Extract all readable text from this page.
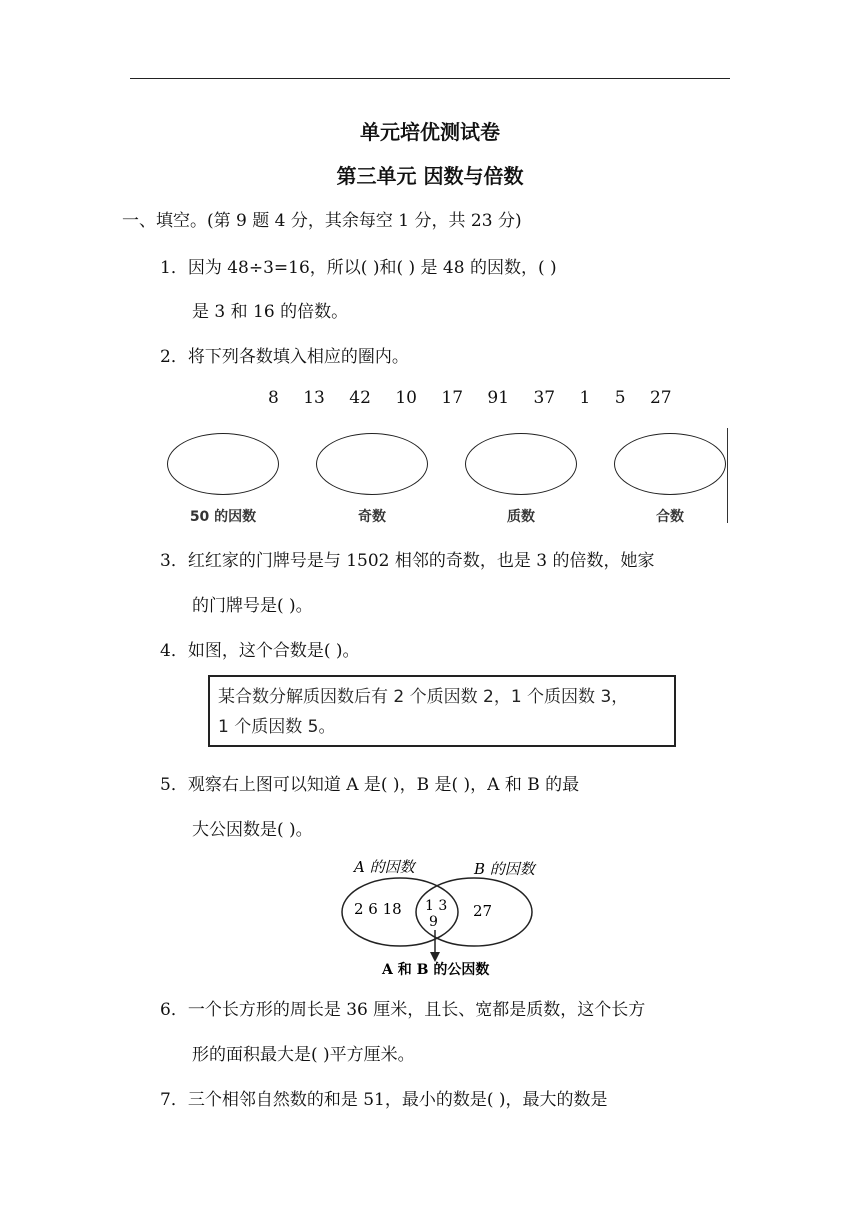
单元培优测试卷
第三单元 因数与倍数
一、填空。(第 9 题 4 分，其余每空 1 分，共 23 分)
1．因为 48÷3=16，所以( )和( ) 是 48 的因数，( )
是 3 和 16 的倍数。
2．将下列各数填入相应的圈内。
8 13 42 10 17 91 37 1 5 27
50 的因数	奇数	质数	合数
3．红红家的门牌号是与 1502 相邻的奇数，也是 3 的倍数，她家
的门牌号是( )。
4．如图，这个合数是( )。
某合数分解质因数后有 2 个质因数 2，1 个质因数 3，
1 个质因数 5。
5．观察右上图可以知道 A 是( )，B 是( )，A 和 B 的最
大公因数是( )。
A 的因数	B 的因数
2 6 18 1 3
9
27
A 和 B 的公因数
6．一个长方形的周长是 36 厘米，且长、宽都是质数，这个长方
形的面积最大是( )平方厘米。
7．三个相邻自然数的和是 51，最小的数是( )，最大的数是
